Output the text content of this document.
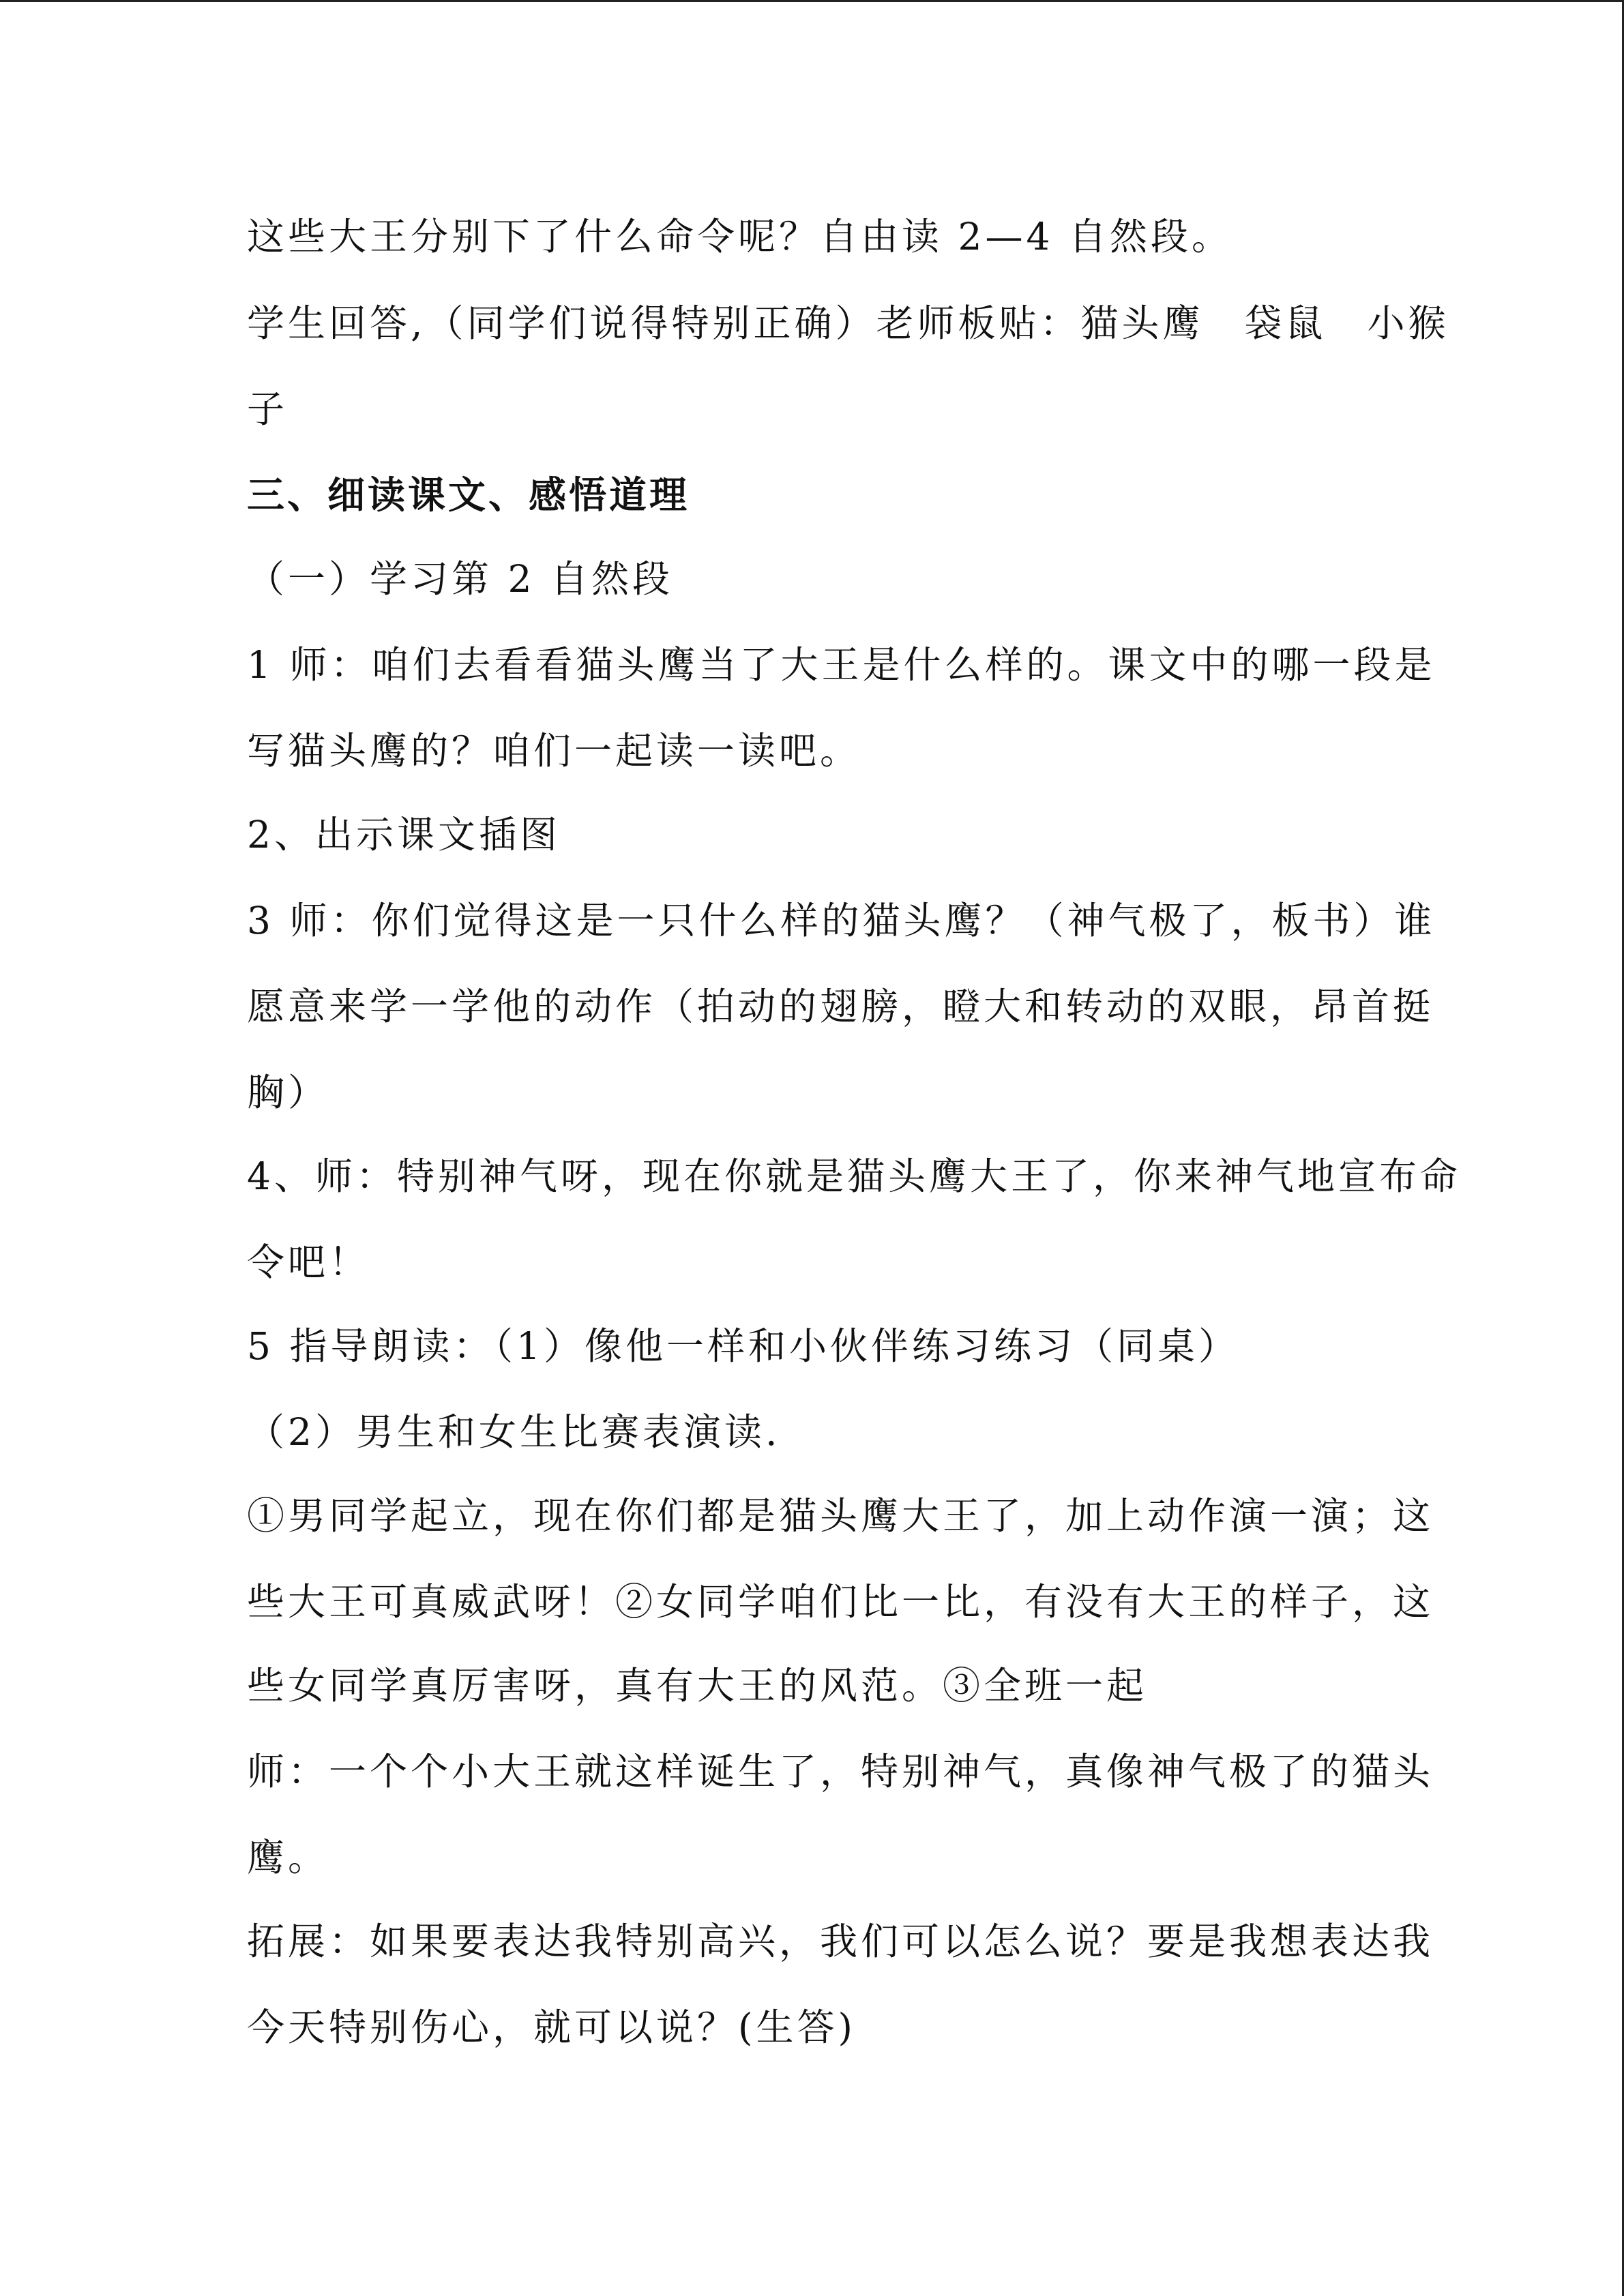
这些大王分别下了什么命令呢？自由读 2—4 自然段。
学生回答,（同学们说得特别正确）老师板贴：猫头鹰　袋鼠　小猴
子
三、细读课文、感悟道理
（一）学习第 2 自然段
1 师：咱们去看看猫头鹰当了大王是什么样的。课文中的哪一段是
写猫头鹰的？咱们一起读一读吧。
2、出示课文插图
3 师：你们觉得这是一只什么样的猫头鹰？（神气极了，板书）谁
愿意来学一学他的动作（拍动的翅膀，瞪大和转动的双眼，昂首挺
胸）
4、师：特别神气呀，现在你就是猫头鹰大王了，你来神气地宣布命
令吧！
5 指导朗读：（1）像他一样和小伙伴练习练习（同桌）
（2）男生和女生比赛表演读.
①男同学起立，现在你们都是猫头鹰大王了，加上动作演一演；这
些大王可真威武呀！②女同学咱们比一比，有没有大王的样子，这
些女同学真厉害呀，真有大王的风范。③全班一起
师：一个个小大王就这样诞生了，特别神气，真像神气极了的猫头
鹰。
拓展：如果要表达我特别高兴，我们可以怎么说？要是我想表达我
今天特别伤心，就可以说？(生答)
